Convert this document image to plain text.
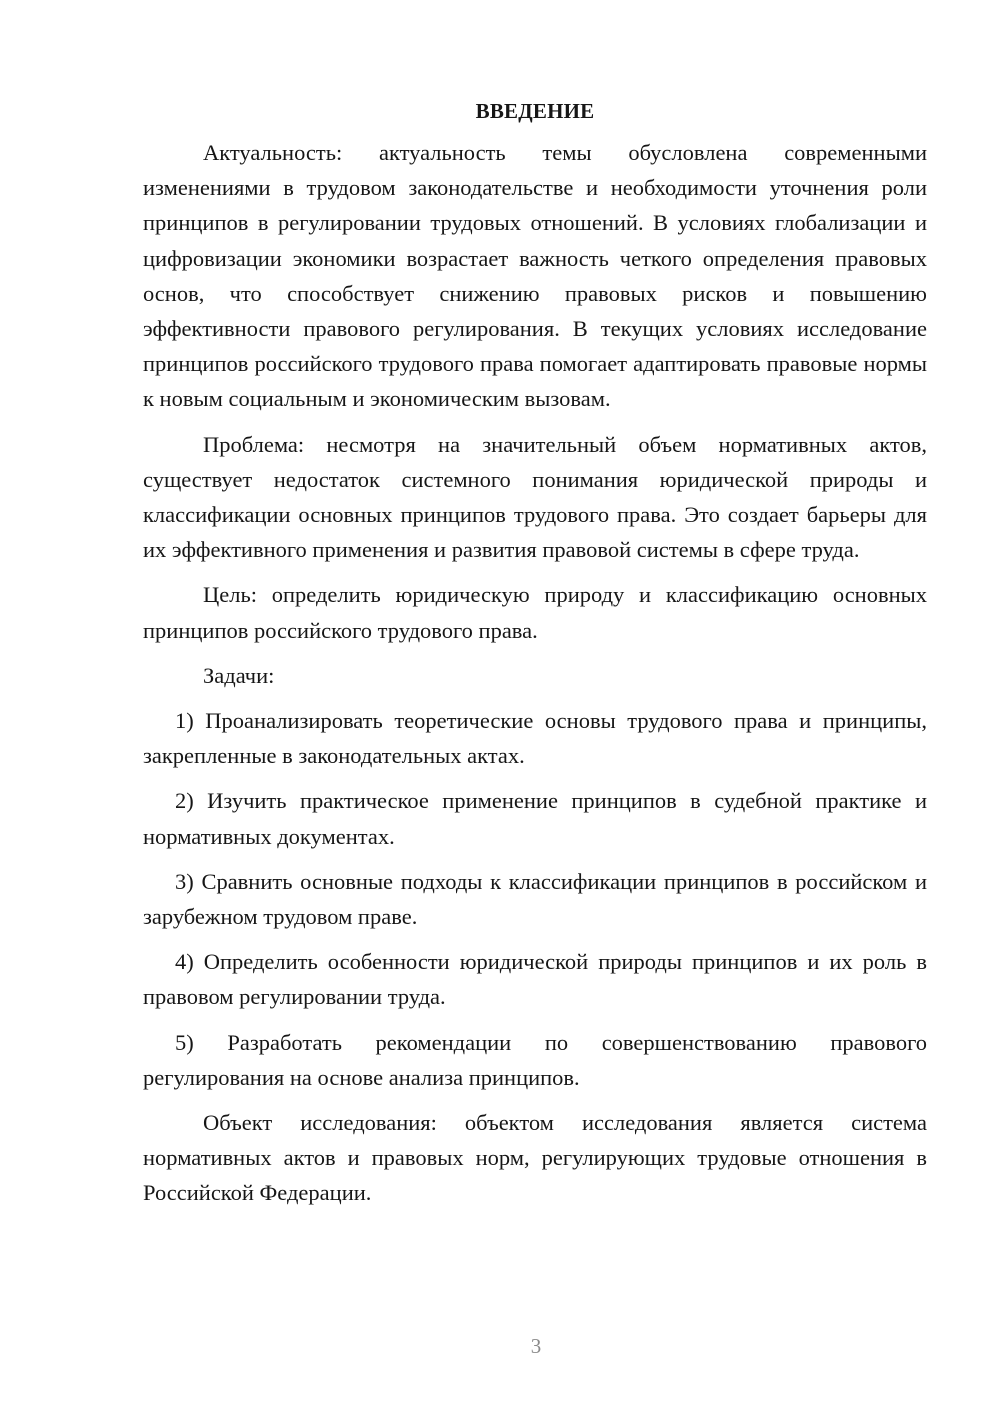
ВВЕДЕНИЕ

Актуальность: актуальность темы обусловлена современными изменениями в трудовом законодательстве и необходимости уточнения роли принципов в регулировании трудовых отношений. В условиях глобализации и цифровизации экономики возрастает важность четкого определения правовых основ, что способствует снижению правовых рисков и повышению эффективности правового регулирования. В текущих условиях исследование принципов российского трудового права помогает адаптировать правовые нормы к новым социальным и экономическим вызовам.

Проблема: несмотря на значительный объем нормативных актов, существует недостаток системного понимания юридической природы и классификации основных принципов трудового права. Это создает барьеры для их эффективного применения и развития правовой системы в сфере труда.

Цель: определить юридическую природу и классификацию основных принципов российского трудового права.

Задачи:

1) Проанализировать теоретические основы трудового права и принципы, закрепленные в законодательных актах.

2) Изучить практическое применение принципов в судебной практике и нормативных документах.

3) Сравнить основные подходы к классификации принципов в российском и зарубежном трудовом праве.

4) Определить особенности юридической природы принципов и их роль в правовом регулировании труда.

5) Разработать рекомендации по совершенствованию правового регулирования на основе анализа принципов.

Объект исследования: объектом исследования является система нормативных актов и правовых норм, регулирующих трудовые отношения в Российской Федерации.

3
